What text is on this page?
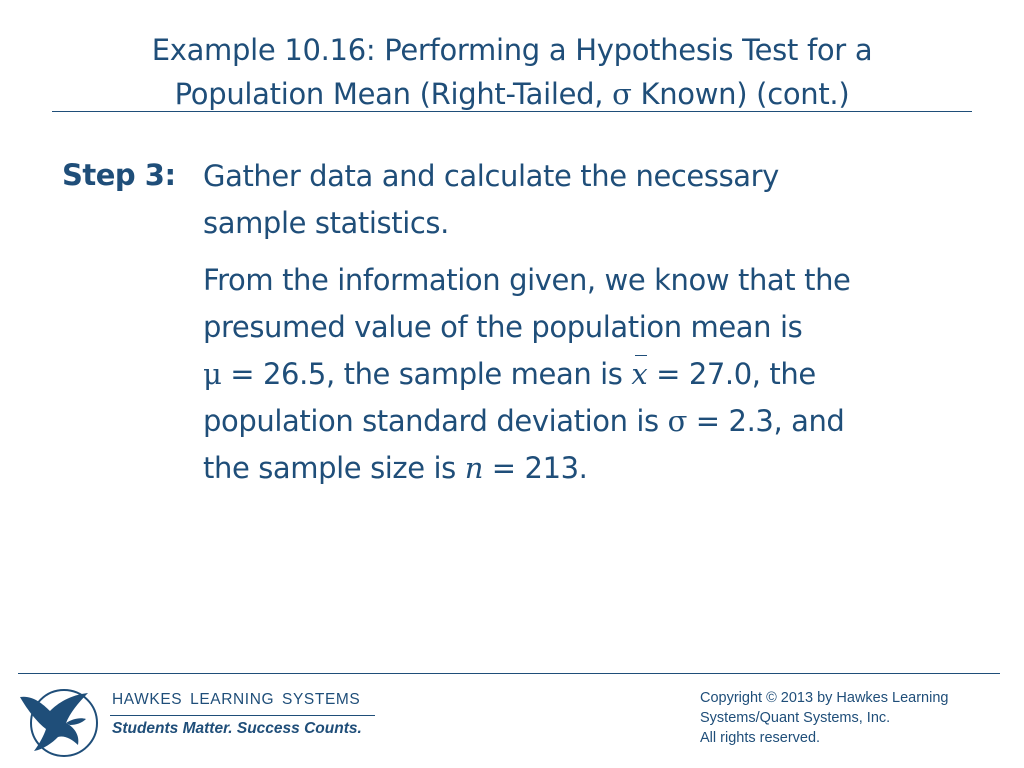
Example 10.16: Performing a Hypothesis Test for a
Population Mean (Right-Tailed, σ Known) (cont.)
Step 3: Gather data and calculate the necessary
sample statistics.

From the information given, we know that the
presumed value of the population mean is
μ = 26.5, the sample mean is x = 27.0, the
population standard deviation is σ = 2.3, and
the sample size is n = 213.

HAWKES LEARNING SYSTEMS
Students Matter. Success Counts.
Copyright © 2013 by Hawkes Learning
Systems/Quant Systems, Inc.
All rights reserved.
